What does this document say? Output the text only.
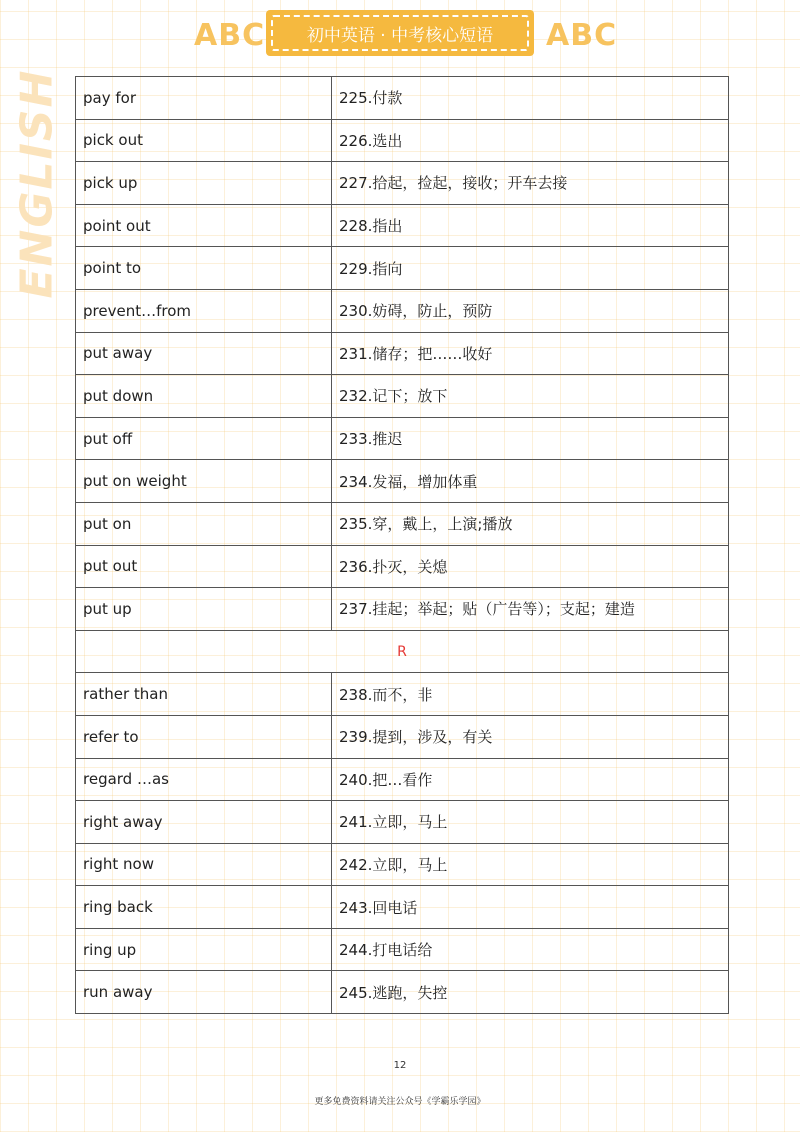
ABC	初中英语 · 中考核心短语	ABC
ENGLISH pay for	225.付款
pick out	226.选出
pick up	227.拾起，捡起，接收；开车去接
point out	228.指出
point to	229.指向
prevent…from	230.妨碍，防止，预防
put away	231.储存；把……收好
put down	232.记下；放下
put off	233.推迟
put on weight	234.发福，增加体重
put on	235.穿，戴上，上演;播放
put out	236.扑灭，关熄
put up	237.挂起；举起；贴（广告等）；支起；建造
R	
rather than	238.而不，非
refer to	239.提到，涉及，有关
regard …as	240.把…看作
right away	241.立即，马上
right now	242.立即，马上
ring back	243.回电话
ring up	244.打电话给
run away	245.逃跑，失控
12
更多免费资料请关注公众号《学霸乐学园》
